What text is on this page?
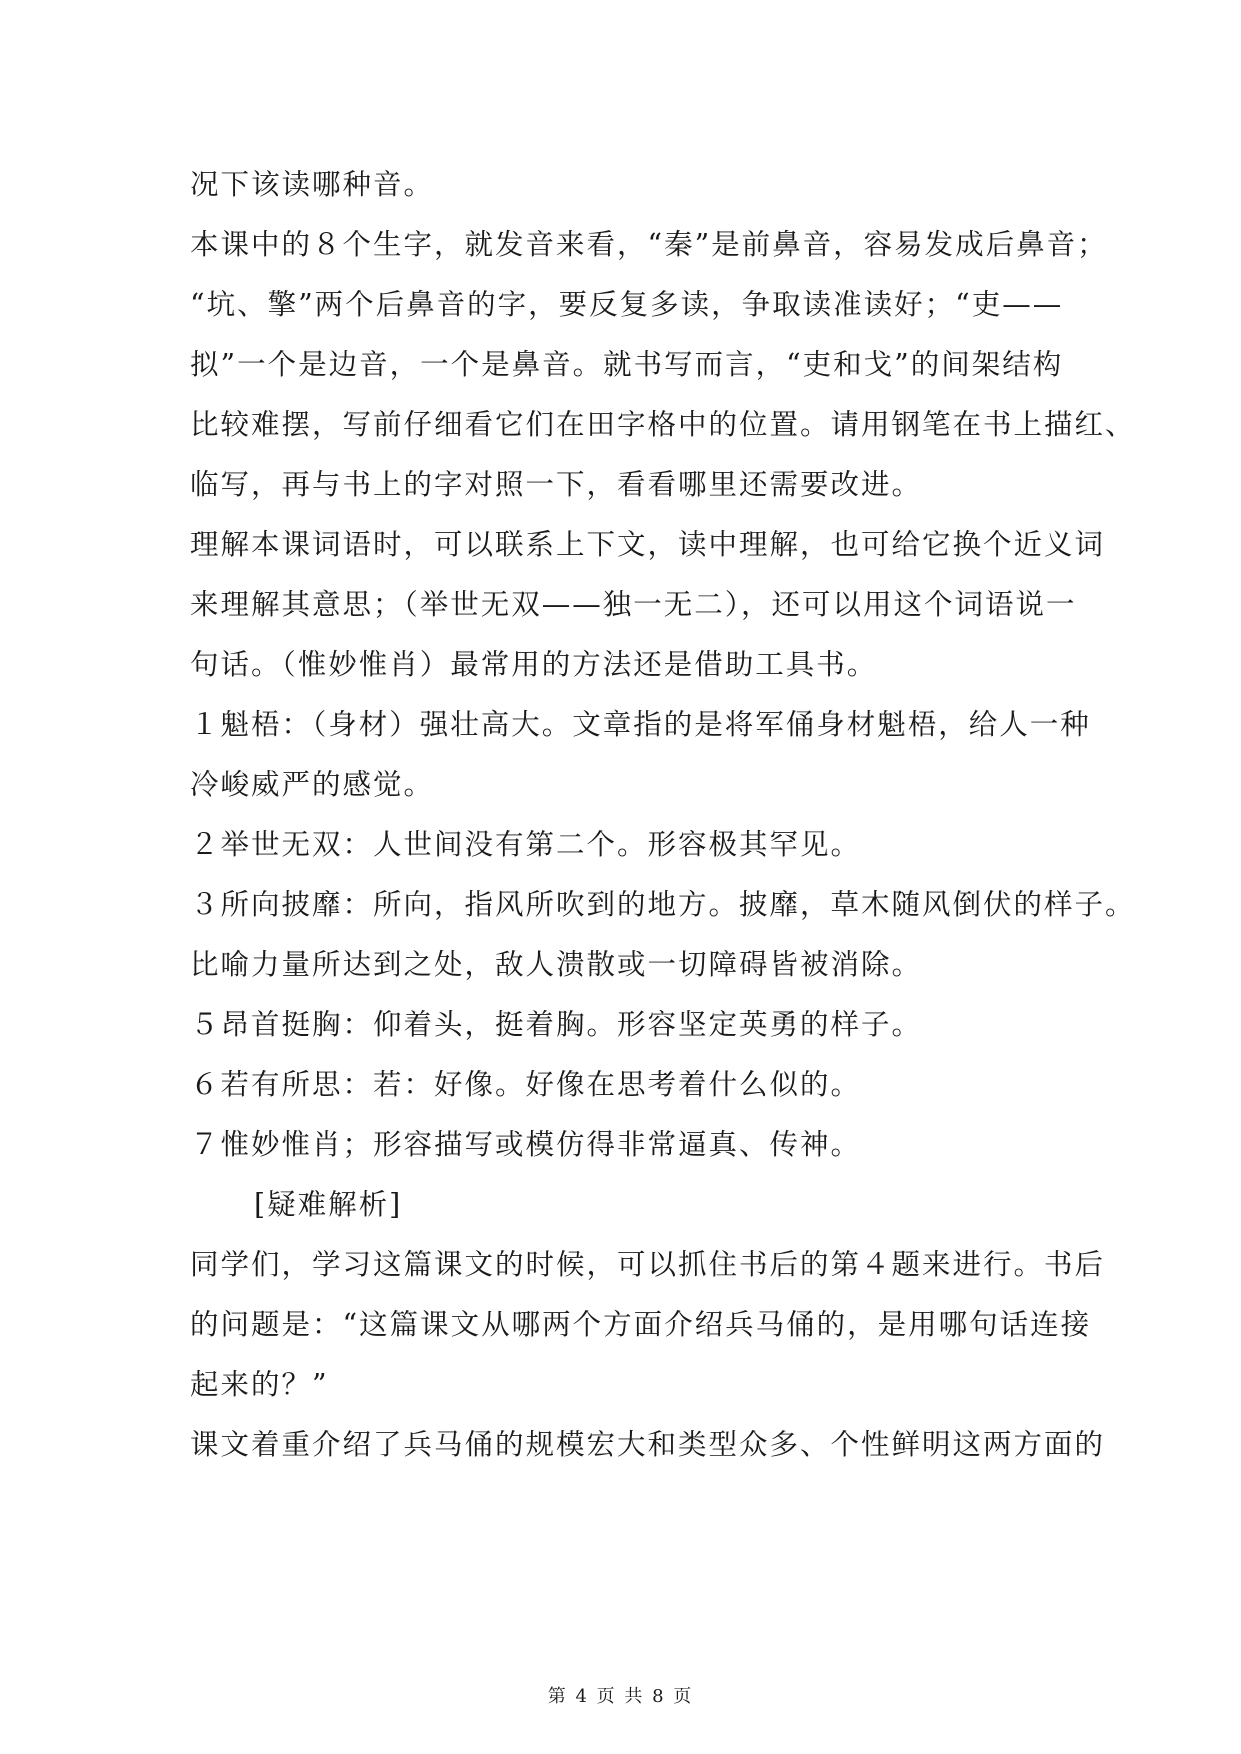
况下该读哪种音。
本课中的８个生字，就发音来看，“秦”是前鼻音，容易发成后鼻音；
“坑、擎”两个后鼻音的字，要反复多读，争取读准读好；“吏——
拟”一个是边音，一个是鼻音。就书写而言，“吏和戈”的间架结构
比较难摆，写前仔细看它们在田字格中的位置。请用钢笔在书上描红、
临写，再与书上的字对照一下，看看哪里还需要改进。
理解本课词语时，可以联系上下文，读中理解，也可给它换个近义词
来理解其意思；（举世无双——独一无二），还可以用这个词语说一
句话。（惟妙惟肖）最常用的方法还是借助工具书。
１魁梧：（身材）强壮高大。文章指的是将军俑身材魁梧，给人一种
冷峻威严的感觉。
２举世无双：人世间没有第二个。形容极其罕见。
３所向披靡：所向，指风所吹到的地方。披靡，草木随风倒伏的样子。
比喻力量所达到之处，敌人溃散或一切障碍皆被消除。
５昂首挺胸：仰着头，挺着胸。形容坚定英勇的样子。
６若有所思：若：好像。好像在思考着什么似的。
７惟妙惟肖；形容描写或模仿得非常逼真、传神。
[疑难解析]
同学们，学习这篇课文的时候，可以抓住书后的第４题来进行。书后
的问题是：“这篇课文从哪两个方面介绍兵马俑的，是用哪句话连接
起来的？”
课文着重介绍了兵马俑的规模宏大和类型众多、个性鲜明这两方面的
第 4 页 共 8 页
